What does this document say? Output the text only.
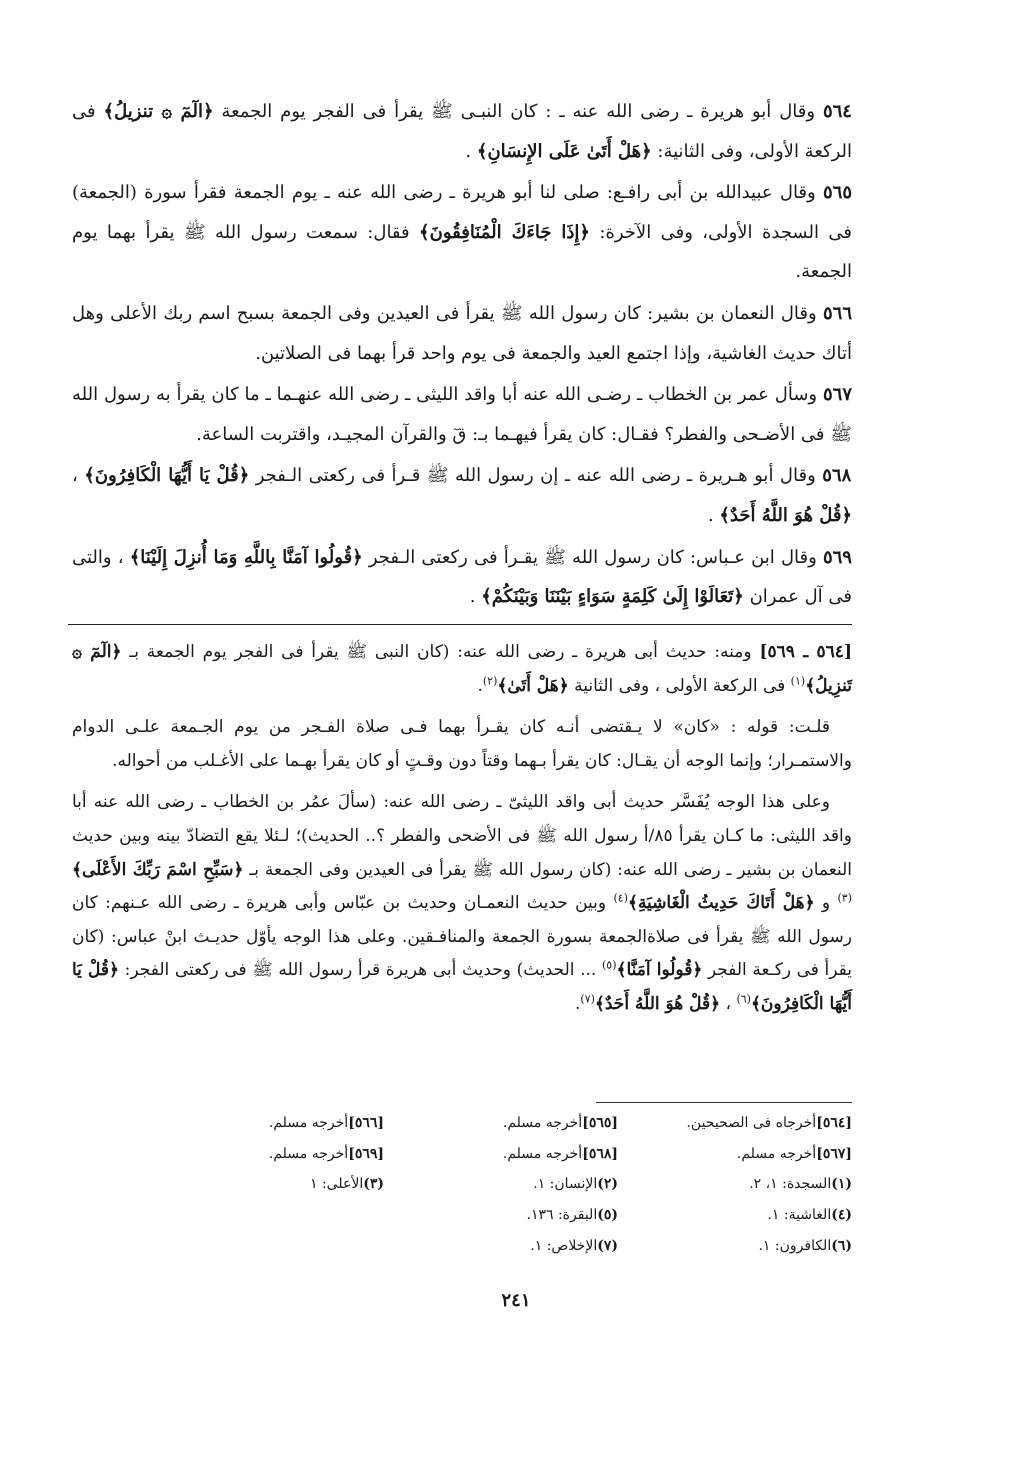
٥٦٤ وقال أبو هريرة ـ رضى الله عنه ـ : كان النبـى ﷺ يقرأ فى الفجر يوم الجمعة ﴿الٓمٓ ۞ تنزيلُ﴾ فى الركعة الأولى، وفى الثانية: ﴿هَلْ أَتَىٰ عَلَى الإِنسَانِ﴾ .

٥٦٥ وقال عبيدالله بن أبى رافـع: صلى لنا أبو هريرة ـ رضى الله عنه ـ يوم الجمعة فقرأ سورة (الجمعة) فى السجدة الأولى، وفى الآخرة: ﴿إِذَا جَاءَكَ الْمُنَافِقُونَ﴾ فقال: سمعت رسول الله ﷺ يقرأ بهما يوم الجمعة.

٥٦٦ وقال النعمان بن بشير: كان رسول الله ﷺ يقرأ فى العيدين وفى الجمعة بسبح اسم ربك الأعلى وهل أتاك حديث الغاشية، وإذا اجتمع العيد والجمعة فى يوم واحد قرأ بهما فى الصلاتين.

٥٦٧ وسأل عمر بن الخطاب ـ رضـى الله عنه أبا واقد الليثى ـ رضى الله عنهـما ـ ما كان يقرأ به رسول الله ﷺ فى الأضـحى والفطر؟ فقـال: كان يقرأ فيهـما بـ: قٓ والقرآن المجيـد، واقتربت الساعة.

٥٦٨ وقال أبو هـريرة ـ رضى الله عنه ـ إن رسول الله ﷺ قـرأ فى ركعتى الـفجر ﴿قُلْ يَا أَيُّهَا الْكَافِرُونَ﴾ ، ﴿قُلْ هُوَ اللَّهُ أَحَدٌ﴾ .

٥٦٩ وقال ابن عـباس: كان رسول الله ﷺ يقـرأ فى ركعتى الـفجر ﴿قُولُوا آمَنَّا بِاللَّهِ وَمَا أُنزِلَ إِلَيْنَا﴾ ، والتى فى آل عمران ﴿تَعَالَوْا إِلَىٰ كَلِمَةٍ سَوَاءٍ بَيْنَنَا وَبَيْنَكُمْ﴾ .

[٥٦٤ ـ ٥٦٩] ومنه: حديث أبى هريرة ـ رضى الله عنه: (كان النبى ﷺ يقرأ فى الفجر يوم الجمعة بـ ﴿الٓمٓ ۞ تَنزِيلُ﴾$^{(١)}$ فى الركعة الأولى ، وفى الثانية ﴿هَلْ أَتَىٰ﴾$^{(٢)}$.

قلـت: قوله : «كان» لا يـقتضى أنـه كان يقـرأ بهما فـى صلاة الفـجر من يوم الجـمعة علـى الدوام والاستمـرار؛ وإنما الوجه أن يقـال: كان يقرأ بـهما وقتاً دون وقـتٍ أو كان يقرأ بهـما على الأغـلب من أحواله.

وعلى هذا الوجه يُفَسَّر حديث أبى واقد الليثىّ ـ رضى الله عنه: (سألَ عمُر بن الخطاب ـ رضى الله عنه أبا واقد الليثى: ما كـان يقرأ ٨٥/أ رسول الله ﷺ فى الأضحى والفطر ؟.. الحديث)؛ لـئلا يقع التضادّ بينه وبين حديث النعمان بن بشير ـ رضى الله عنه: (كان رسول الله ﷺ يقرأ فى العيدين وفى الجمعة بـ ﴿سَبِّحِ اسْمَ رَبِّكَ الأَعْلَى﴾$^{(٣)}$ و ﴿هَلْ أَتَاكَ حَدِيثُ الْغَاشِيَةِ﴾$^{(٤)}$ وبين حديث النعمـان وحديث بن عبّاس وأبى هريرة ـ رضى الله عـنهم: كان رسول الله ﷺ يقرأ فى صلاةالجمعة بسورة الجمعة والمنافـقين. وعلى هذا الوجه يأوّل حديـث ابنْ عباس: (كان يقرأ فى ركـعة الفجر ﴿قُولُوا آمَنَّا﴾$^{(٥)}$ ... الحديث) وحديث أبى هريرة قرأ رسول الله ﷺ فى ركعتى الفجر: ﴿قُلْ يَا أَيُّهَا الْكَافِرُونَ﴾$^{(٦)}$ ، ﴿قُلْ هُوَ اللَّهُ أَحَدٌ﴾$^{(٧)}$.

[٥٦٤]أخرجاه فى الصحيحين.	[٥٦٥]أخرجه مسلم.	[٥٦٦]أخرجه مسلم.
[٥٦٧]أخرجه مسلم.	[٥٦٨]أخرجه مسلم.	[٥٦٩]أخرجه مسلم.
(١)السجدة: ١، ٢.	(٢)الإنسان: ١.	(٣)الأعلى: ١
(٤)الغاشية: ١.	(٥)البقرة: ١٣٦.	
(٦)الكافرون: ١.	(٧)الإخلاص: ١.	
٢٤١
